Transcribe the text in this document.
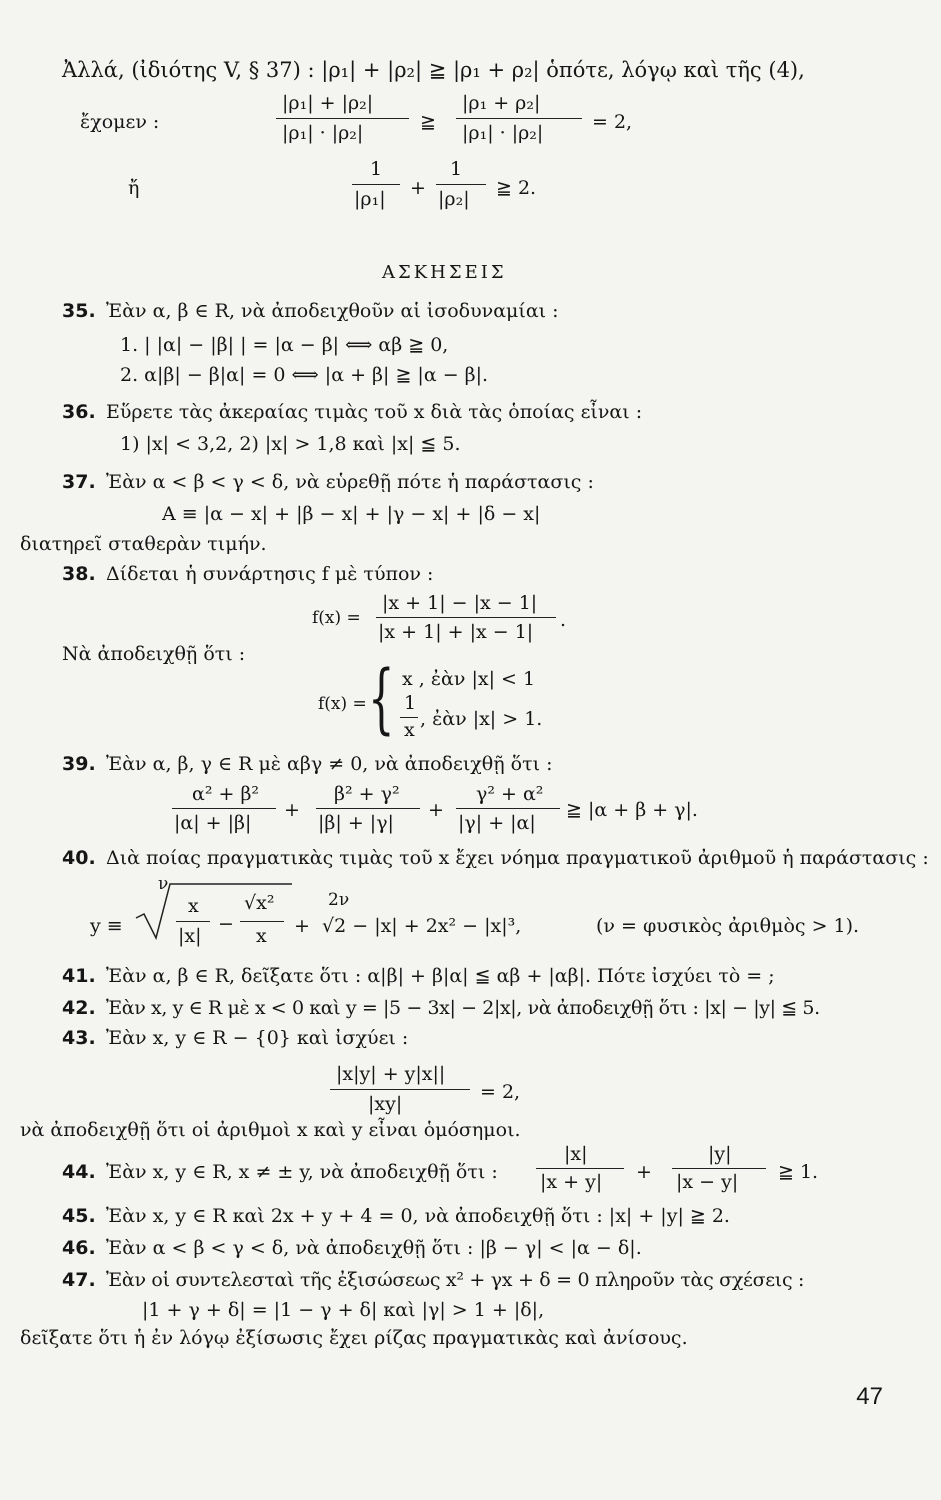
Ἀλλά, (ἰδιότης V, § 37) : |ρ₁| + |ρ₂| ≧ |ρ₁ + ρ₂| ὁπότε, λόγῳ καὶ τῆς (4),
ἔχομεν :
|ρ₁| + |ρ₂|
|ρ₁| · |ρ₂|	≧
|ρ₁ + ρ₂|
|ρ₁| · |ρ₂|	= 2,
ἤ
1
|ρ₁| +
1
|ρ₂| ≧ 2.
ΑΣΚΗΣΕΙΣ
35. Ἐὰν α, β ∈ R, νὰ ἀποδειχθοῦν αἱ ἰσοδυναμίαι :
1. | |α| − |β| | = |α − β| ⟺ αβ ≧ 0,
2. α|β| − β|α| = 0 ⟺ |α + β| ≧ |α − β|.
36. Εὕρετε τὰς ἀκεραίας τιμὰς τοῦ x διὰ τὰς ὁποίας εἶναι :
1) |x| < 3,2, 2) |x| > 1,8 καὶ |x| ≦ 5.
37. Ἐὰν α < β < γ < δ, νὰ εὑρεθῇ πότε ἡ παράστασις :
A ≡ |α − x| + |β − x| + |γ − x| + |δ − x|
διατηρεῖ σταθερὰν τιμήν.
38. Δίδεται ἡ συνάρτησις f μὲ τύπον :
f(x) =
|x + 1| − |x − 1|
|x + 1| + |x − 1|
.
Νὰ ἀποδειχθῇ ὅτι :
f(x) = { x , ἐὰν |x| < 1
1
x , ἐὰν |x| > 1.
39. Ἐὰν α, β, γ ∈ R μὲ αβγ ≠ 0, νὰ ἀποδειχθῇ ὅτι :
α² + β²
|α| + |β|
+
β² + γ²
|β| + |γ|
+
γ² + α²
|γ| + |α|
≧ |α + β + γ|.
40. Διὰ ποίας πραγματικὰς τιμὰς τοῦ x ἔχει νόημα πραγματικοῦ ἀριθμοῦ ἡ παράστασις :
ν
y ≡
x
|x|
−
√x²
x +
2ν
√2 − |x| + 2x² − |x|³,	(ν = φυσικὸς ἀριθμὸς > 1).
41. Ἐὰν α, β ∈ R, δεῖξατε ὅτι : α|β| + β|α| ≦ αβ + |αβ|. Πότε ἰσχύει τὸ = ;
42. Ἐὰν x, y ∈ R μὲ x < 0 καὶ y = |5 − 3x| − 2|x|, νὰ ἀποδειχθῇ ὅτι : |x| − |y| ≦ 5.
43. Ἐὰν x, y ∈ R − {0} καὶ ἰσχύει :
|x|y| + y|x||
|xy|
= 2,
νὰ ἀποδειχθῇ ὅτι οἱ ἀριθμοὶ x καὶ y εἶναι ὁμόσημοι.
44. Ἐὰν x, y ∈ R, x ≠ ± y, νὰ ἀποδειχθῇ ὅτι :
|x|
|x + y| +
|y|
|x − y| ≧ 1.
45. Ἐὰν x, y ∈ R καὶ 2x + y + 4 = 0, νὰ ἀποδειχθῇ ὅτι : |x| + |y| ≧ 2.
46. Ἐὰν α < β < γ < δ, νὰ ἀποδειχθῇ ὅτι : |β − γ| < |α − δ|.
47. Ἐὰν οἱ συντελεσταὶ τῆς ἐξισώσεως x² + γx + δ = 0 πληροῦν τὰς σχέσεις :
|1 + γ + δ| = |1 − γ + δ| καὶ |γ| > 1 + |δ|,
δεῖξατε ὅτι ἡ ἐν λόγῳ ἐξίσωσις ἔχει ρίζας πραγματικὰς καὶ ἀνίσους.
47
